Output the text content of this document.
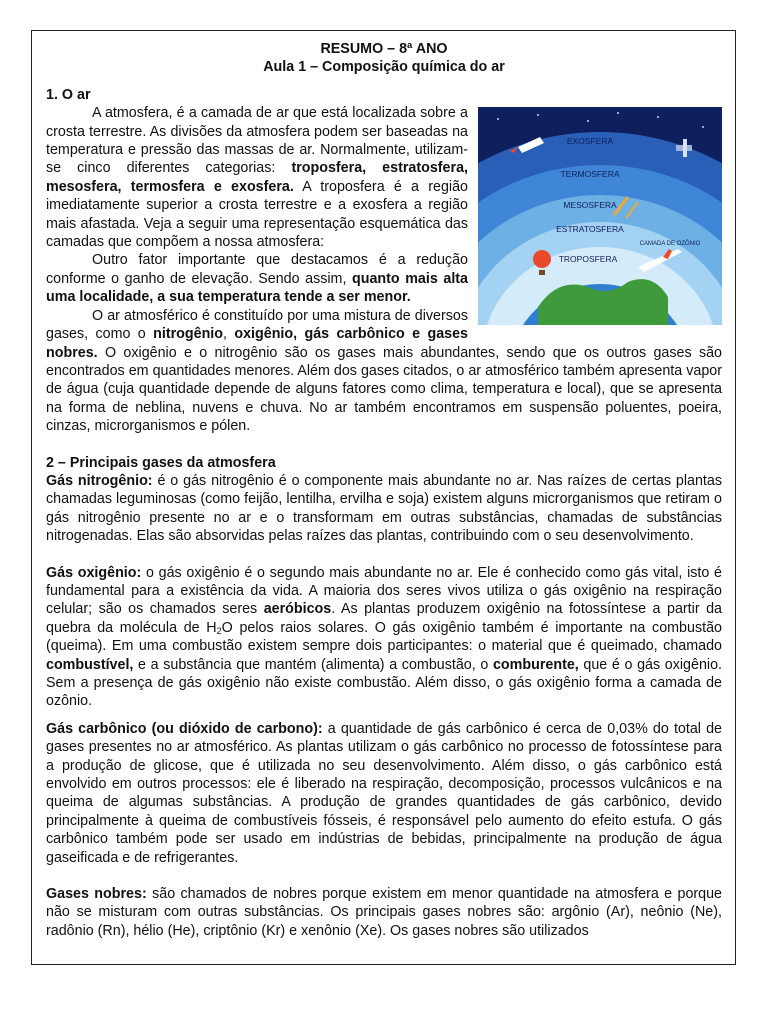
RESUMO – 8ª ANO
Aula 1 – Composição química do ar
1. O ar
EXOSFERA
TERMOSFERA
MESOSFERA
ESTRATOSFERA
TROPOSFERA
CAMADA DE OZÔNIO

A atmosfera, é a camada de ar que está localizada sobre a crosta terrestre. As divisões da atmosfera podem ser baseadas na temperatura e pressão das massas de ar. Normalmente, utilizam-se cinco diferentes categorias: troposfera, estratosfera, mesosfera, termosfera e exosfera. A troposfera é a região imediatamente superior a crosta terrestre e a exosfera a região mais afastada. Veja a seguir uma representação esquemática das camadas que compõem a nossa atmosfera:

Outro fator importante que destacamos é a redução conforme o ganho de elevação. Sendo assim, quanto mais alta uma localidade, a sua temperatura tende a ser menor.

O ar atmosférico é constituído por uma mistura de diversos gases, como o nitrogênio, oxigênio, gás carbônico e gases nobres. O oxigênio e o nitrogênio são os gases mais abundantes, sendo que os outros gases são encontrados em quantidades menores. Além dos gases citados, o ar atmosférico também apresenta vapor de água (cuja quantidade depende de alguns fatores como clima, temperatura e local), que se apresenta na forma de neblina, nuvens e chuva. No ar também encontramos em suspensão poluentes, poeira, cinzas, microrganismos e pólen.

2 – Principais gases da atmosfera

Gás nitrogênio: é o gás nitrogênio é o componente mais abundante no ar. Nas raízes de certas plantas chamadas leguminosas (como feijão, lentilha, ervilha e soja) existem alguns microrganismos que retiram o gás nitrogênio presente no ar e o transformam em outras substâncias, chamadas de substâncias nitrogenadas. Elas são absorvidas pelas raízes das plantas, contribuindo com o seu desenvolvimento.

Gás oxigênio: o gás oxigênio é o segundo mais abundante no ar. Ele é conhecido como gás vital, isto é fundamental para a existência da vida. A maioria dos seres vivos utiliza o gás oxigênio na respiração celular; são os chamados seres aeróbicos. As plantas produzem oxigênio na fotossíntese a partir da quebra da molécula de $H_2O$ pelos raios solares. O gás oxigênio também é importante na combustão (queima). Em uma combustão existem sempre dois participantes: o material que é queimado, chamado combustível, e a substância que mantém (alimenta) a combustão, o comburente, que é o gás oxigênio. Sem a presença de gás oxigênio não existe combustão. Além disso, o gás oxigênio forma a camada de ozônio.

Gás carbônico (ou dióxido de carbono): a quantidade de gás carbônico é cerca de 0,03% do total de gases presentes no ar atmosférico. As plantas utilizam o gás carbônico no processo de fotossíntese para a produção de glicose, que é utilizada no seu desenvolvimento. Além disso, o gás carbônico está envolvido em outros processos: ele é liberado na respiração, decomposição, processos vulcânicos e na queima de algumas substâncias. A produção de grandes quantidades de gás carbônico, devido principalmente à queima de combustíveis fósseis, é responsável pelo aumento do efeito estufa. O gás carbônico também pode ser usado em indústrias de bebidas, principalmente na produção de água gaseificada e de refrigerantes.

Gases nobres: são chamados de nobres porque existem em menor quantidade na atmosfera e porque não se misturam com outras substâncias. Os principais gases nobres são: argônio (Ar), neônio (Ne), radônio (Rn), hélio (He), criptônio (Kr) e xenônio (Xe). Os gases nobres são utilizados
